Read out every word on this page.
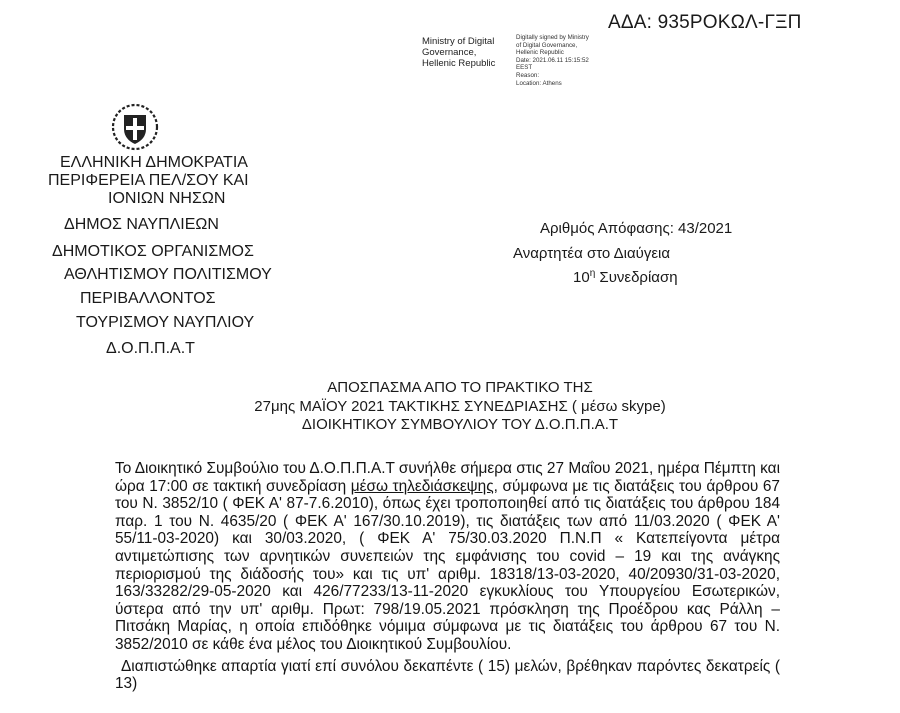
ΑΔΑ: 935ΡΟΚΩΛ-ΓΞΠ
Ministry of Digital Governance, Hellenic Republic
Digitally signed by Ministry
of Digital Governance,
Hellenic Republic
Date: 2021.06.11 15:15:52
EEST
Reason:
Location: Athens
ΕΛΛΗΝΙΚΗ ΔΗΜΟΚΡΑΤΙΑ
ΠΕΡΙΦΕΡΕΙΑ ΠΕΛ/ΣΟΥ ΚΑΙ
ΙΟΝΙΩΝ ΝΗΣΩΝ
ΔΗΜΟΣ ΝΑΥΠΛΙΕΩΝ
ΔΗΜΟΤΙΚΟΣ ΟΡΓΑΝΙΣΜΟΣ
ΑΘΛΗΤΙΣΜΟΥ ΠΟΛΙΤΙΣΜΟΥ
ΠΕΡΙΒΑΛΛΟΝΤΟΣ
ΤΟΥΡΙΣΜΟΥ ΝΑΥΠΛΙΟΥ
Δ.Ο.Π.Π.Α.Τ
Αριθμός Απόφασης: 43/2021
Αναρτητέα στο Διαύγεια
$10^\eta$ Συνεδρίαση
ΑΠΟΣΠΑΣΜΑ ΑΠΟ ΤΟ ΠΡΑΚΤΙΚΟ ΤΗΣ
27μης ΜΑΪΟΥ 2021 ΤΑΚΤΙΚΗΣ ΣΥΝΕΔΡΙΑΣΗΣ ( μέσω skype)
ΔΙΟΙΚΗΤΙΚΟΥ ΣΥΜΒΟΥΛΙΟΥ ΤΟΥ Δ.Ο.Π.Π.Α.Τ

Το Διοικητικό Συμβούλιο του Δ.Ο.Π.Π.Α.Τ συνήλθε σήμερα στις 27 Μαΐου 2021, ημέρα Πέμπτη και ώρα 17:00 σε τακτική συνεδρίαση μέσω τηλεδιάσκεψης, σύμφωνα με τις διατάξεις του άρθρου 67 του Ν. 3852/10 ( ΦΕΚ Α' 87-7.6.2010), όπως έχει τροποποιηθεί από τις διατάξεις του άρθρου 184 παρ. 1 του Ν. 4635/20 ( ΦΕΚ Α' 167/30.10.2019), τις διατάξεις των από 11/03.2020 ( ΦΕΚ Α' 55/11-03-2020) και 30/03.2020, ( ΦΕΚ Α' 75/30.03.2020 Π.Ν.Π « Κατεπείγοντα μέτρα αντιμετώπισης των αρνητικών συνεπειών της εμφάνισης του covid – 19 και της ανάγκης περιορισμού της διάδοσής του» και τις υπ' αριθμ. 18318/13-03-2020, 40/20930/31-03-2020, 163/33282/29-05-2020 και 426/77233/13-11-2020 εγκυκλίους του Υπουργείου Εσωτερικών, ύστερα από την υπ' αριθμ. Πρωτ: 798/19.05.2021 πρόσκληση της Προέδρου κας Ράλλη – Πιτσάκη Μαρίας, η οποία επιδόθηκε νόμιμα σύμφωνα με τις διατάξεις του άρθρου 67 του Ν. 3852/2010 σε κάθε ένα μέλος του Διοικητικού Συμβουλίου.

Διαπιστώθηκε απαρτία γιατί επί συνόλου δεκαπέντε ( 15) μελών, βρέθηκαν παρόντες δεκατρείς ( 13)
